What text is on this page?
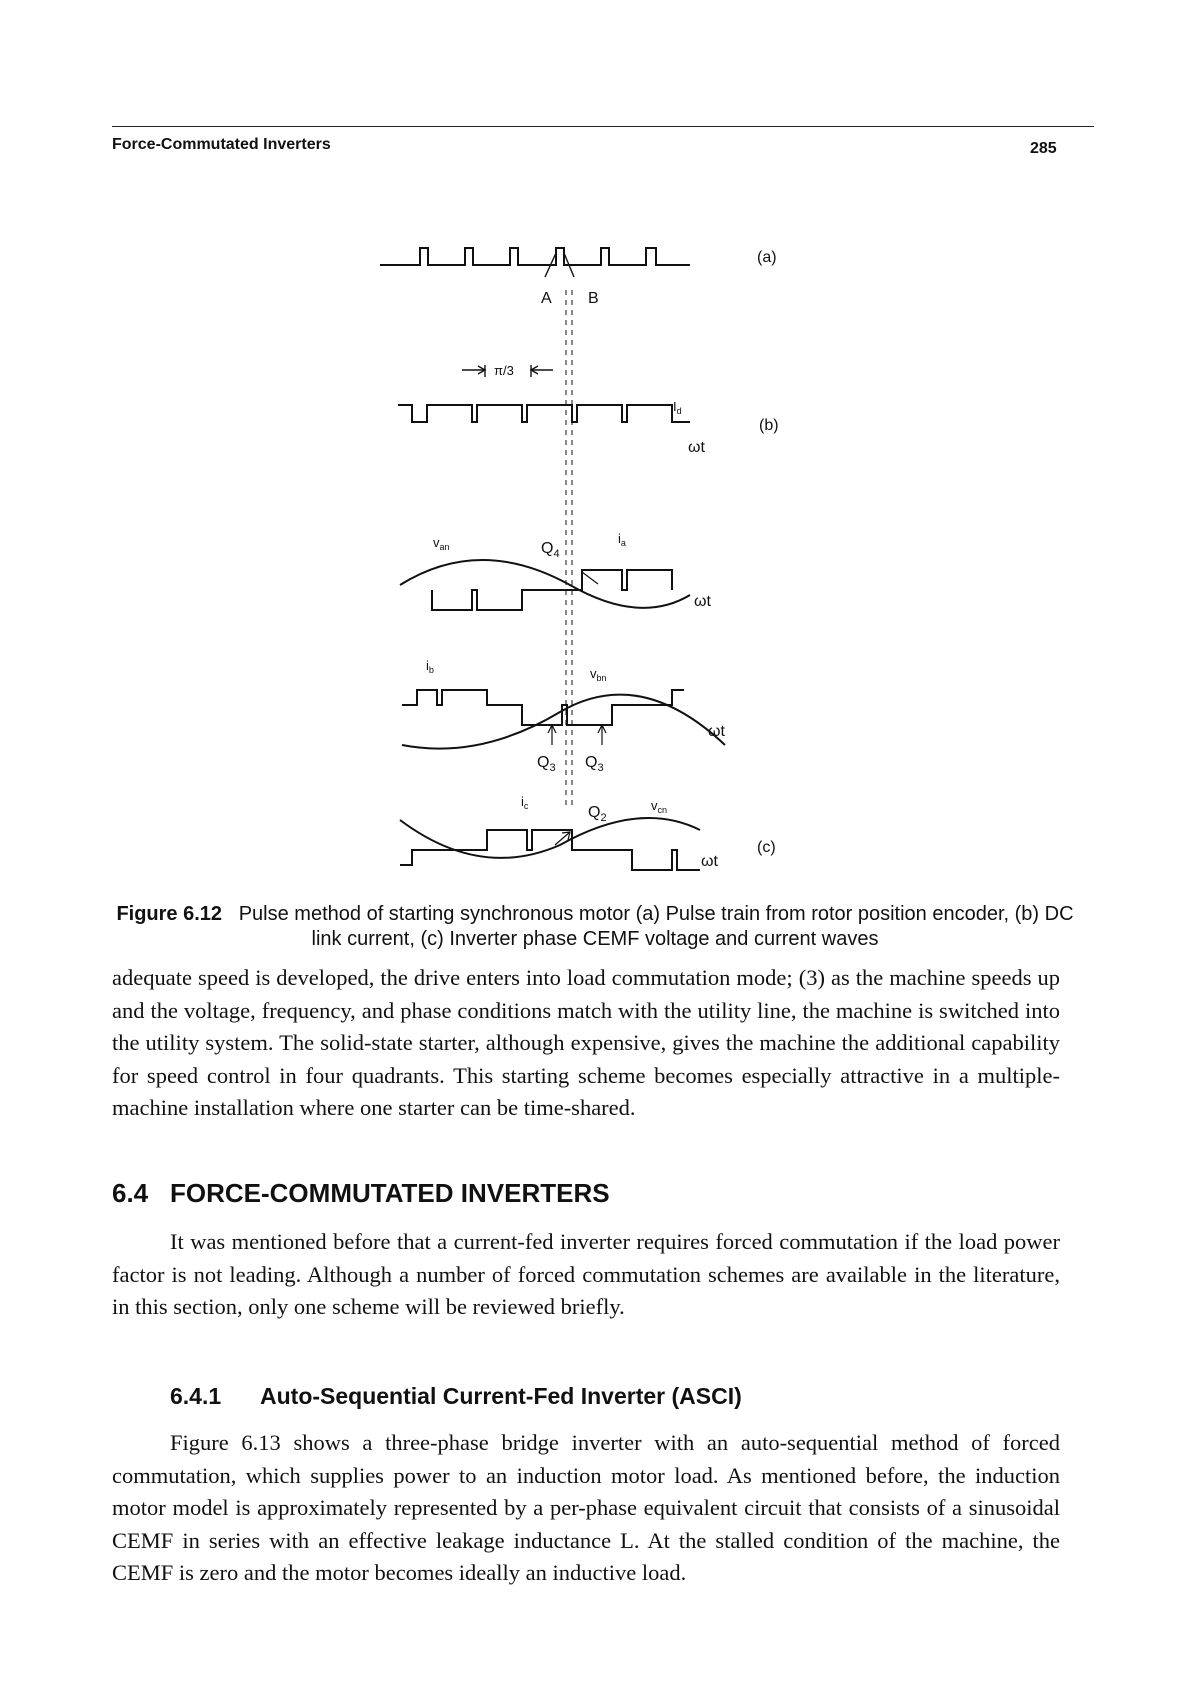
Force-Commutated Inverters	285
A B
(a)
π/3
$I_d$
(b)
ωt
$v_{an}$	$Q_4$
$i_a$
ωt
$i_b$	$v_{bn}$
ωt
$Q_3$ $Q_3$
$i_c$	$Q_2$
$v_{cn}$
(c)
ωt
Figure 6.12 Pulse method of starting synchronous motor (a) Pulse train from rotor position encoder, (b) DC link current, (c) Inverter phase CEMF voltage and current waves

adequate speed is developed, the drive enters into load commutation mode; (3) as the machine speeds up and the voltage, frequency, and phase conditions match with the utility line, the machine is switched into the utility system. The solid-state starter, although expensive, gives the machine the additional capability for speed control in four quadrants. This starting scheme becomes especially attractive in a multiple-machine installation where one starter can be time-shared.

6.4 FORCE-COMMUTATED INVERTERS

It was mentioned before that a current-fed inverter requires forced commutation if the load power factor is not leading. Although a number of forced commutation schemes are available in the literature, in this section, only one scheme will be reviewed briefly.

6.4.1 Auto-Sequential Current-Fed Inverter (ASCI)

Figure 6.13 shows a three-phase bridge inverter with an auto-sequential method of forced commutation, which supplies power to an induction motor load. As mentioned before, the induction motor model is approximately represented by a per-phase equivalent circuit that consists of a sinusoidal CEMF in series with an effective leakage inductance L. At the stalled condition of the machine, the CEMF is zero and the motor becomes ideally an inductive load.
